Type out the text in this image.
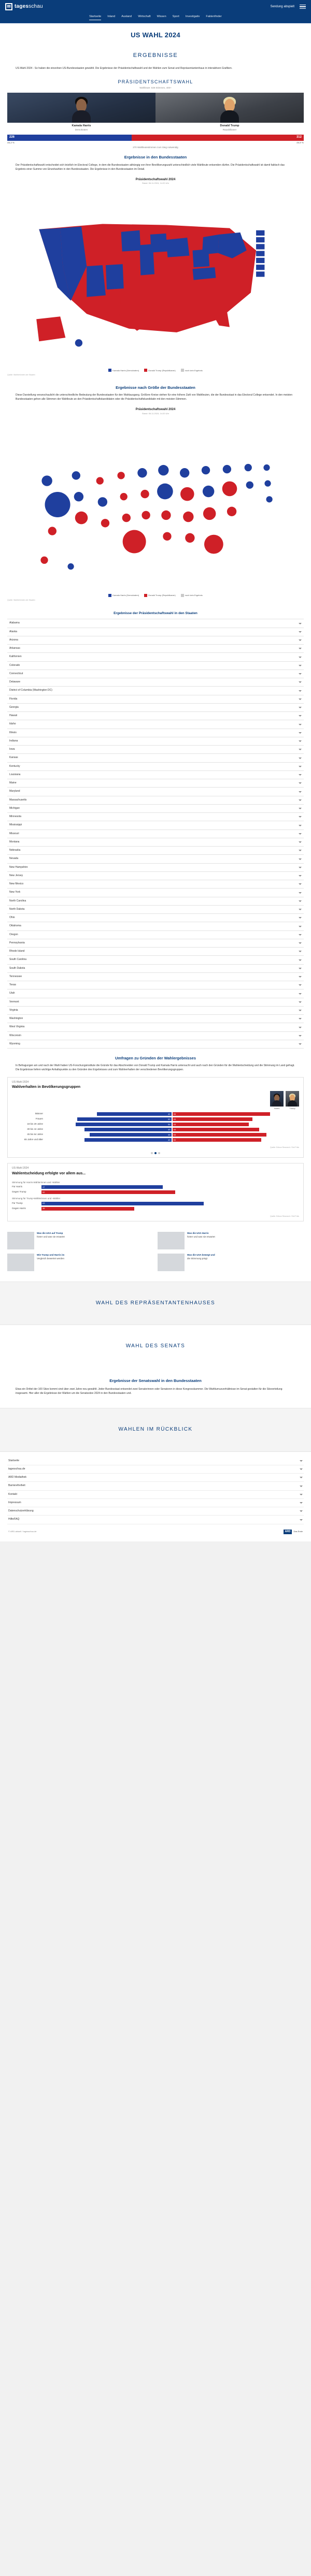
tagesschau	Sendung abspielt
Startseite Inland Ausland Wirtschaft Wissen Sport Investigativ Faktenfinder
US WAHL 2024
ERGEBNISSE

US-Wahl 2024 - So haben die einzelnen US-Bundesstaaten gewählt. Die Ergebnisse der Präsidentschaftswahl und der Wahlen zum Senat und Repräsentantenhaus in interaktiven Grafiken.

PRÄSIDENTSCHAFTSWAHL
Wahlleute: 538 Stimmen, 400+
Kamala Harris
Demokraten
Donald Trump
Republikaner
226	312
48,3 %	49,9 %
270 Wahlleutestimmen zum Sieg notwendig
Ergebnisse in den Bundesstaaten

Der Präsidentschaftswahl entscheidet sich letztlich im Electoral College, in dem die Bundesstaaten abhängig von ihrer Bevölkerungszahl unterschiedlich viele Wahlleute entsenden dürfen. Die Präsidentschaftswahl ist damit faktisch das Ergebnis einer Summe von Einzelwahlen in den Bundesstaaten. Die Ergebnisse in den Bundesstaaten im Detail.

Präsidentschaftswahl 2024
Stand: 06.11.2024, 14:20 Uhr
Kamala Harris (Demokraten)	Donald Trump (Republikaner)	noch kein Ergebnis
Quelle: Wahlbehörden der Staaten
Ergebnisse nach Größe der Bundesstaaten

Diese Darstellung veranschaulicht die unterschiedliche Bedeutung der Bundesstaaten für den Wahlausgang. Größere Kreise stehen für eine höhere Zahl von Wahlleuten, die der Bundesstaat in das Electoral College entsendet. In den meisten Bundesstaaten gehen alle Stimmen der Wahlleute an den Präsidentschaftskandidaten oder die Präsidentschaftskandidatin mit den meisten Stimmen.

Präsidentschaftswahl 2024
Stand: 06.11.2024, 14:20 Uhr
Kamala Harris (Demokraten)	Donald Trump (Republikaner)	noch kein Ergebnis
Quelle: Wahlbehörden der Staaten
Ergebnisse der Präsidentschaftswahl in den Staaten
Alabama
Alaska
Arizona
Arkansas
Kalifornien
Colorado
Connecticut
Delaware
District of Columbia (Washington DC)
Florida
Georgia
Hawaii
Idaho
Illinois
Indiana
Iowa
Kansas
Kentucky
Louisiana
Maine
Maryland
Massachusetts
Michigan
Minnesota
Mississippi
Missouri
Montana
Nebraska
Nevada
New Hampshire
New Jersey
New Mexico
New York
North Carolina
North Dakota
Ohio
Oklahoma
Oregon
Pennsylvania
Rhode Island
South Carolina
South Dakota
Tennessee
Texas
Utah
Vermont
Virginia
Washington
West Virginia
Wisconsin
Wyoming
Umfragen zu Gründen der Wahlergebnisses
In Befragungen am und nach der Wahl haben US-Forschungsinstitute die Gründe für das Abschneiden von Donald Trump und Kamala Harris untersucht und auch nach den Gründen für die Wahlentscheidung und die Stimmung im Land gefragt. Die Ergebnisse liefern wichtige Anhaltspunkte zu den Gründen des Ergebnisses und zum Wahlverhalten der verschiedenen Bevölkerungsgruppen.
US-Wahl 2024
Wahlverhalten in Bevölkerungsgruppen
Harris	Trump
Männer	42	55
Frauen	53	45
18 bis 29 Jahre	54	43
30 bis 44 Jahre	49	49
45 bis 64 Jahre	46	53
65 Jahre und älter	49	50
Quelle: Edison Research / Exit Polls
US-Wahl 2024
Wahlentscheidung erfolgte vor allem aus...
Stimmung für Harris-Wählerinnen und -Wähler
Für Harris	47
Gegen Trump	52
Stimmung für Trump-Wählerinnen und -Wähler
Für Trump	63
Gegen Harris	36
Quelle: Edison Research / Exit Polls
Was die USA auf Trump
hinter und was sie erwartet
Wie Trump und Harris im
Vergleich bewertet werden
Was die USA Harris
hinter und was sie erwartet
Was die USA bewegt und
die Stimmung prägt
WAHL DES REPRÄSENTANTENHAUSES
WAHL DES SENATS
Ergebnisse der Senatswahl in den Bundesstaaten

Etwa ein Drittel der 100 Sitze kommt sind über zwei Jahre neu gewählt. Jeder Bundesstaat entsendet zwei Senatorinnen oder Senatoren in diese Kongresskammer. Die Wahlturnusverhältnisse im Senat gestalten für die Sitzverteilung insgesamt. Hier aller die Ergebnisse der Wahlen um die Senatssitze 2024 in den Bundesstaaten und.

WAHLEN IM RÜCKBLICK
Startseite
tagesschau.de
ARD Mediathek
Barrierefreiheit
Kontakt
Impressum
Datenschutzerklärung
Hilfe/FAQ
© ARD-aktuell / tagesschau.de	ARD	Das Erste
